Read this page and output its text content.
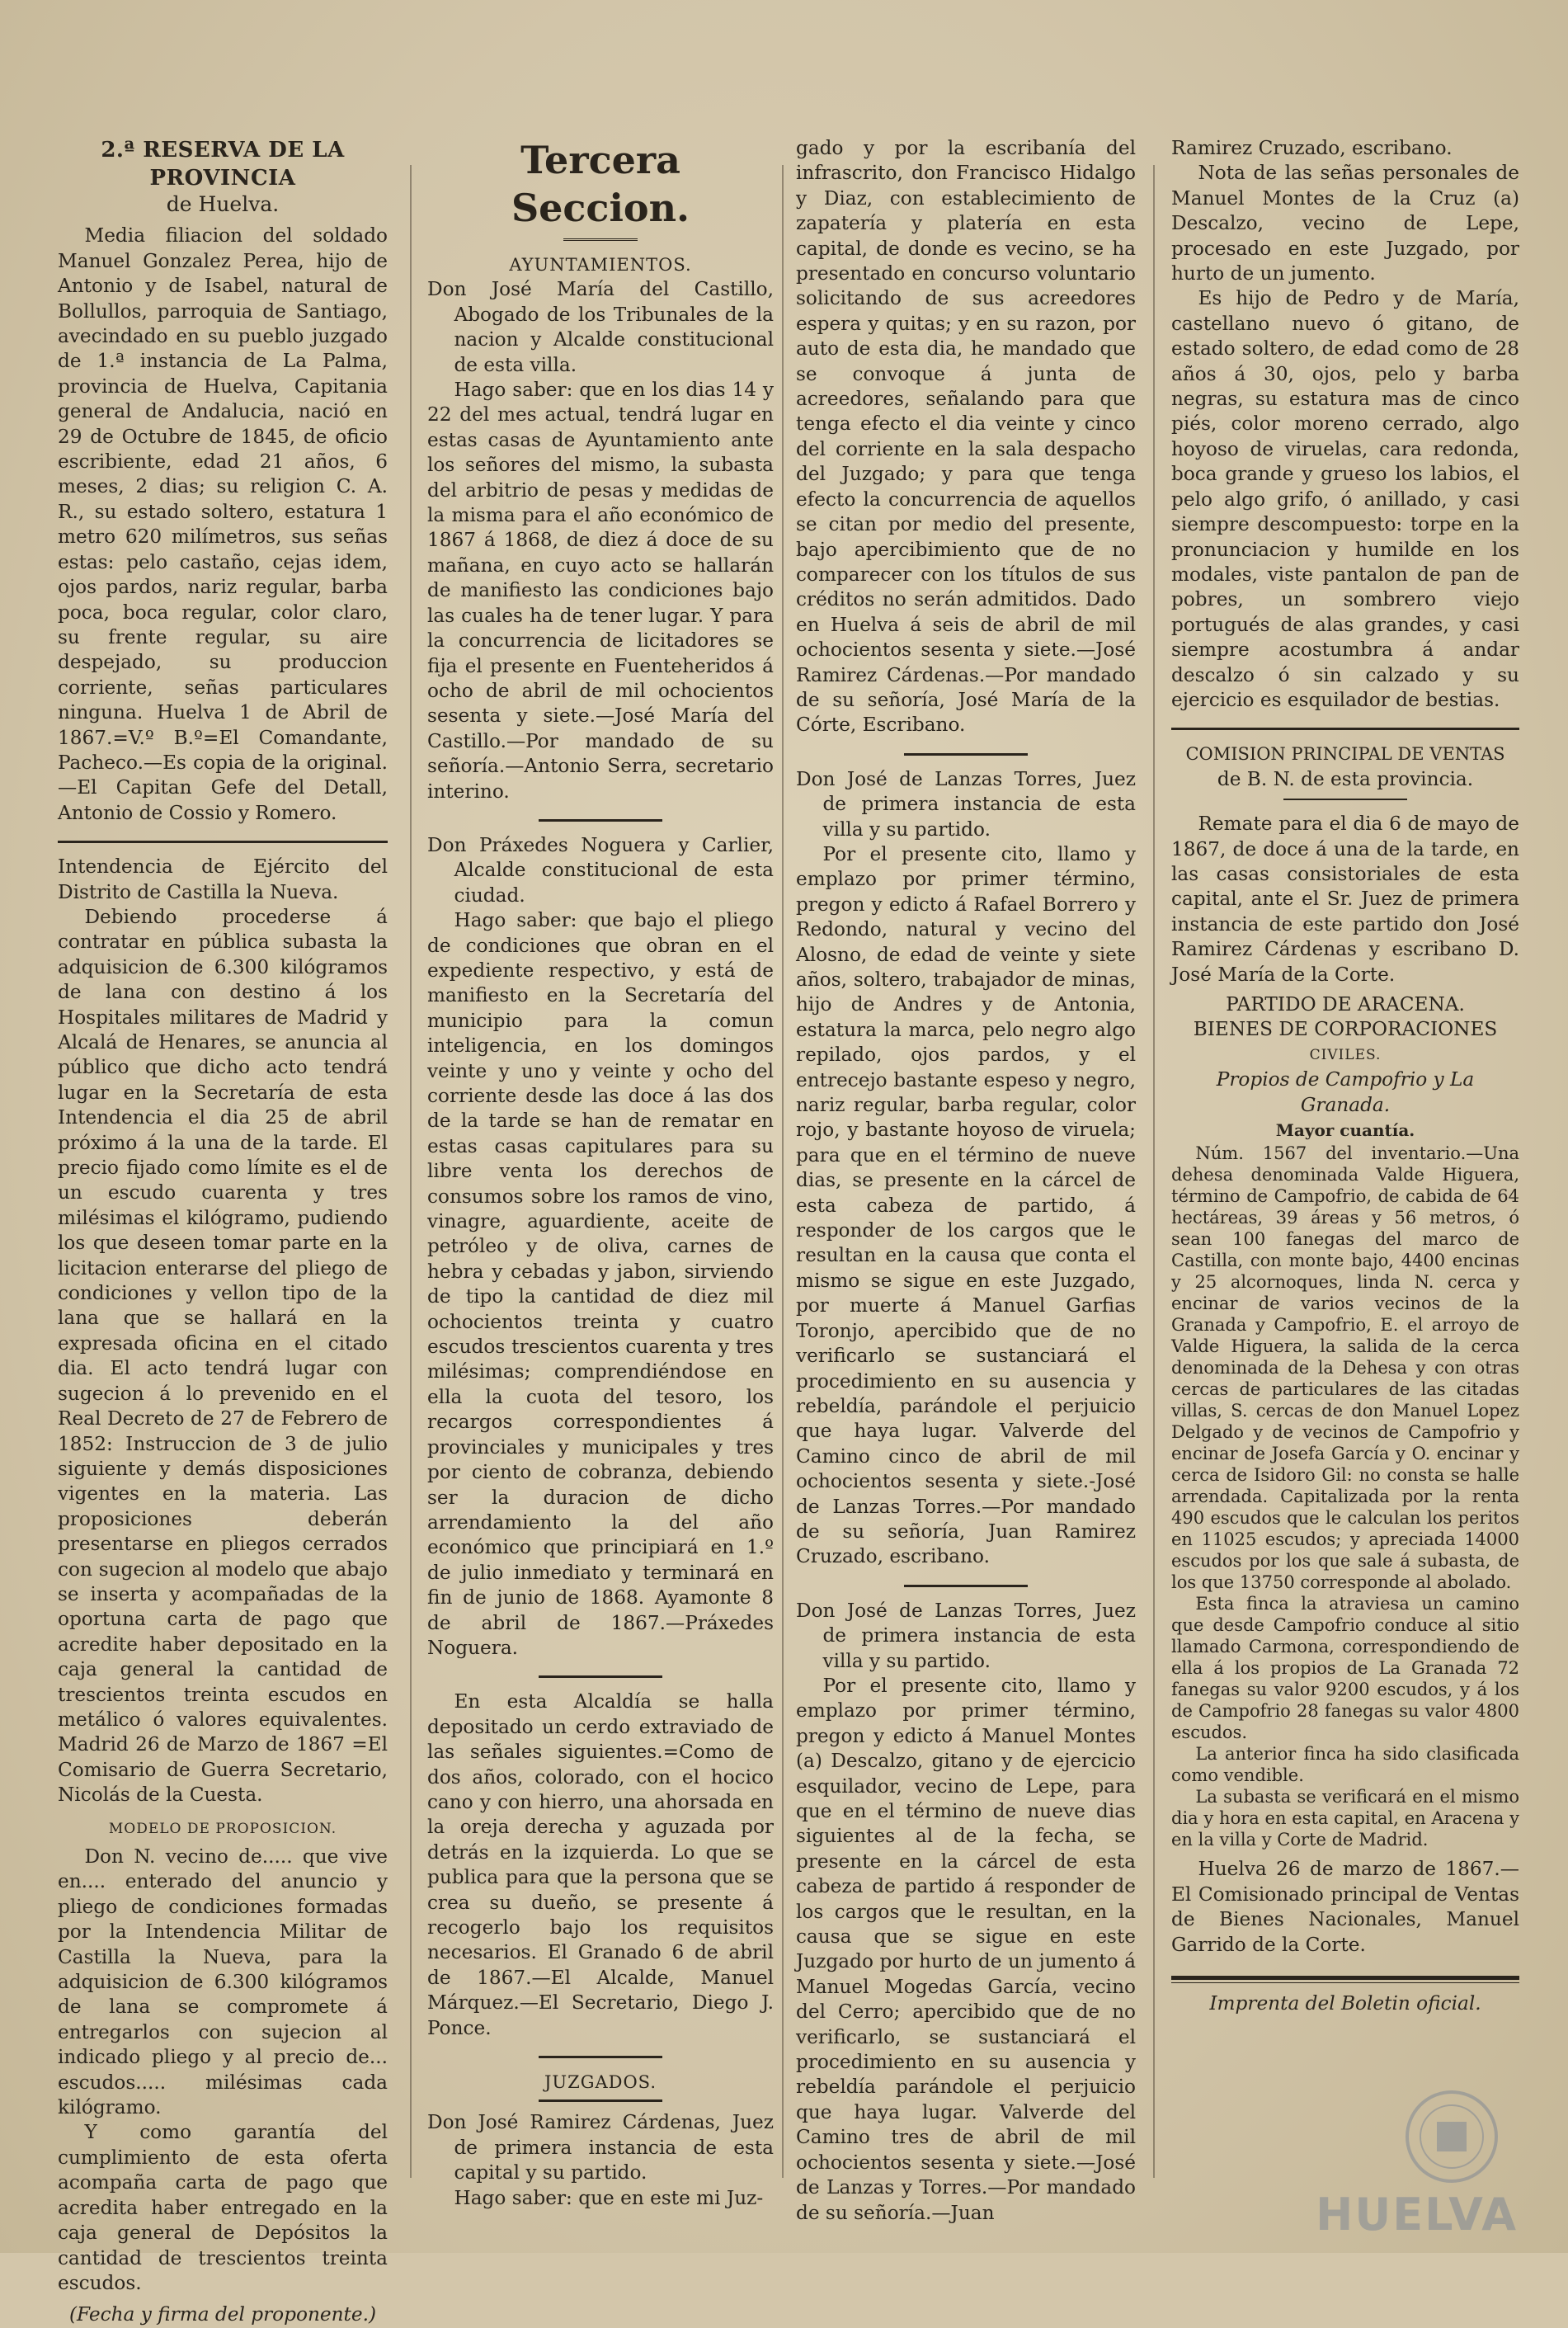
2.ª RESERVA DE LA PROVINCIA
de Huelva.

Media filiacion del soldado Manuel Gonzalez Perea, hijo de Antonio y de Isabel, natural de Bollullos, parroquia de Santiago, avecindado en su pueblo juzgado de 1.ª instancia de La Palma, provincia de Huelva, Capitania general de Andalucia, nació en 29 de Octubre de 1845, de oficio escribiente, edad 21 años, 6 meses, 2 dias; su religion C. A. R., su estado soltero, estatura 1 metro 620 milímetros, sus señas estas: pelo castaño, cejas idem, ojos pardos, nariz regular, barba poca, boca regular, color claro, su frente regular, su aire despejado, su produccion corriente, señas particulares ninguna. Huelva 1 de Abril de 1867.=V.º B.º=El Comandante, Pacheco.—Es copia de la original.—El Capitan Gefe del Detall, Antonio de Cossio y Romero.

Intendencia de Ejército del Distrito de Castilla la Nueva.

Debiendo procederse á contratar en pública subasta la adquisicion de 6.300 kilógramos de lana con destino á los Hospitales militares de Madrid y Alcalá de Henares, se anuncia al público que dicho acto tendrá lugar en la Secretaría de esta Intendencia el dia 25 de abril próximo á la una de la tarde. El precio fijado como límite es el de un escudo cuarenta y tres milésimas el kilógramo, pudiendo los que deseen tomar parte en la licitacion enterarse del pliego de condiciones y vellon tipo de la lana que se hallará en la expresada oficina en el citado dia. El acto tendrá lugar con sugecion á lo prevenido en el Real Decreto de 27 de Febrero de 1852: Instruccion de 3 de julio siguiente y demás disposiciones vigentes en la materia. Las proposiciones deberán presentarse en pliegos cerrados con sugecion al modelo que abajo se inserta y acompañadas de la oportuna carta de pago que acredite haber depositado en la caja general la cantidad de trescientos treinta escudos en metálico ó valores equivalentes. Madrid 26 de Marzo de 1867 =El Comisario de Guerra Secretario, Nicolás de la Cuesta.

MODELO DE PROPOSICION.

Don N. vecino de..... que vive en.... enterado del anuncio y pliego de condiciones formadas por la Intendencia Militar de Castilla la Nueva, para la adquisicion de 6.300 kilógramos de lana se compromete á entregarlos con sujecion al indicado pliego y al precio de... escudos..... milésimas cada kilógramo.

Y como garantía del cumplimiento de esta oferta acompaña carta de pago que acredita haber entregado en la caja general de Depósitos la cantidad de trescientos treinta escudos.

(Fecha y firma del proponente.)
Tercera Seccion.
AYUNTAMIENTOS.

Don José María del Castillo, Abogado de los Tribunales de la nacion y Alcalde constitucional de esta villa.

Hago saber: que en los dias 14 y 22 del mes actual, tendrá lugar en estas casas de Ayuntamiento ante los señores del mismo, la subasta del arbitrio de pesas y medidas de la misma para el año económico de 1867 á 1868, de diez á doce de su mañana, en cuyo acto se hallarán de manifiesto las condiciones bajo las cuales ha de tener lugar. Y para la concurrencia de licitadores se fija el presente en Fuenteheridos á ocho de abril de mil ochocientos sesenta y siete.—José María del Castillo.—Por mandado de su señoría.—Antonio Serra, secretario interino.

Don Práxedes Noguera y Carlier, Alcalde constitucional de esta ciudad.

Hago saber: que bajo el pliego de condiciones que obran en el expediente respectivo, y está de manifiesto en la Secretaría del municipio para la comun inteligencia, en los domingos veinte y uno y veinte y ocho del corriente desde las doce á las dos de la tarde se han de rematar en estas casas capitulares para su libre venta los derechos de consumos sobre los ramos de vino, vinagre, aguardiente, aceite de petróleo y de oliva, carnes de hebra y cebadas y jabon, sirviendo de tipo la cantidad de diez mil ochocientos treinta y cuatro escudos trescientos cuarenta y tres milésimas; comprendiéndose en ella la cuota del tesoro, los recargos correspondientes á provinciales y municipales y tres por ciento de cobranza, debiendo ser la duracion de dicho arrendamiento la del año económico que principiará en 1.º de julio inmediato y terminará en fin de junio de 1868. Ayamonte 8 de abril de 1867.—Práxedes Noguera.

En esta Alcaldía se halla depositado un cerdo extraviado de las señales siguientes.=Como de dos años, colorado, con el hocico cano y con hierro, una ahorsada en la oreja derecha y aguzada por detrás en la izquierda. Lo que se publica para que la persona que se crea su dueño, se presente á recogerlo bajo los requisitos necesarios. El Granado 6 de abril de 1867.—El Alcalde, Manuel Márquez.—El Secretario, Diego J. Ponce.

JUZGADOS.

Don José Ramirez Cárdenas, Juez de primera instancia de esta capital y su partido.

Hago saber: que en este mi Juz-

gado y por la escribanía del infrascrito, don Francisco Hidalgo y Diaz, con establecimiento de zapatería y platería en esta capital, de donde es vecino, se ha presentado en concurso voluntario solicitando de sus acreedores espera y quitas; y en su razon, por auto de esta dia, he mandado que se convoque á junta de acreedores, señalando para que tenga efecto el dia veinte y cinco del corriente en la sala despacho del Juzgado; y para que tenga efecto la concurrencia de aquellos se citan por medio del presente, bajo apercibimiento que de no comparecer con los títulos de sus créditos no serán admitidos. Dado en Huelva á seis de abril de mil ochocientos sesenta y siete.—José Ramirez Cárdenas.—Por mandado de su señoría, José María de la Córte, Escribano.

Don José de Lanzas Torres, Juez de primera instancia de esta villa y su partido.

Por el presente cito, llamo y emplazo por primer término, pregon y edicto á Rafael Borrero y Redondo, natural y vecino del Alosno, de edad de veinte y siete años, soltero, trabajador de minas, hijo de Andres y de Antonia, estatura la marca, pelo negro algo repilado, ojos pardos, y el entrecejo bastante espeso y negro, nariz regular, barba regular, color rojo, y bastante hoyoso de viruela; para que en el término de nueve dias, se presente en la cárcel de esta cabeza de partido, á responder de los cargos que le resultan en la causa que conta el mismo se sigue en este Juzgado, por muerte á Manuel Garfias Toronjo, apercibido que de no verificarlo se sustanciará el procedimiento en su ausencia y rebeldía, parándole el perjuicio que haya lugar. Valverde del Camino cinco de abril de mil ochocientos sesenta y siete.-José de Lanzas Torres.—Por mandado de su señoría, Juan Ramirez Cruzado, escribano.

Don José de Lanzas Torres, Juez de primera instancia de esta villa y su partido.

Por el presente cito, llamo y emplazo por primer término, pregon y edicto á Manuel Montes (a) Descalzo, gitano y de ejercicio esquilador, vecino de Lepe, para que en el término de nueve dias siguientes al de la fecha, se presente en la cárcel de esta cabeza de partido á responder de los cargos que le resultan, en la causa que se sigue en este Juzgado por hurto de un jumento á Manuel Mogedas García, vecino del Cerro; apercibido que de no verificarlo, se sustanciará el procedimiento en su ausencia y rebeldía parándole el perjuicio que haya lugar. Valverde del Camino tres de abril de mil ochocientos sesenta y siete.—José de Lanzas y Torres.—Por mandado de su señoría.—Juan

Ramirez Cruzado, escribano.

Nota de las señas personales de Manuel Montes de la Cruz (a) Descalzo, vecino de Lepe, procesado en este Juzgado, por hurto de un jumento.

Es hijo de Pedro y de María, castellano nuevo ó gitano, de estado soltero, de edad como de 28 años á 30, ojos, pelo y barba negras, su estatura mas de cinco piés, color moreno cerrado, algo hoyoso de viruelas, cara redonda, boca grande y grueso los labios, el pelo algo grifo, ó anillado, y casi siempre descompuesto: torpe en la pronunciacion y humilde en los modales, viste pantalon de pan de pobres, un sombrero viejo portugués de alas grandes, y casi siempre acostumbra á andar descalzo ó sin calzado y su ejercicio es esquilador de bestias.

COMISION PRINCIPAL DE VENTAS
de B. N. de esta provincia.

Remate para el dia 6 de mayo de 1867, de doce á una de la tarde, en las casas consistoriales de esta capital, ante el Sr. Juez de primera instancia de este partido don José Ramirez Cárdenas y escribano D. José María de la Corte.

PARTIDO DE ARACENA.
BIENES DE CORPORACIONES
CIVILES.
Propios de Campofrio y La Granada.
Mayor cuantía.

Núm. 1567 del inventario.—Una dehesa denominada Valde Higuera, término de Campofrio, de cabida de 64 hectáreas, 39 áreas y 56 metros, ó sean 100 fanegas del marco de Castilla, con monte bajo, 4400 encinas y 25 alcornoques, linda N. cerca y encinar de varios vecinos de la Granada y Campofrio, E. el arroyo de Valde Higuera, la salida de la cerca denominada de la Dehesa y con otras cercas de particulares de las citadas villas, S. cercas de don Manuel Lopez Delgado y de vecinos de Campofrio y encinar de Josefa García y O. encinar y cerca de Isidoro Gil: no consta se halle arrendada. Capitalizada por la renta 490 escudos que le calculan los peritos en 11025 escudos; y apreciada 14000 escudos por los que sale á subasta, de los que 13750 corresponde al abolado.

Esta finca la atraviesa un camino que desde Campofrio conduce al sitio llamado Carmona, correspondiendo de ella á los propios de La Granada 72 fanegas su valor 9200 escudos, y á los de Campofrio 28 fanegas su valor 4800 escudos.

La anterior finca ha sido clasificada como vendible.

La subasta se verificará en el mismo dia y hora en esta capital, en Aracena y en la villa y Corte de Madrid.

Huelva 26 de marzo de 1867.—El Comisionado principal de Ventas de Bienes Nacionales, Manuel Garrido de la Corte.

Imprenta del Boletin oficial.
HUELVA
